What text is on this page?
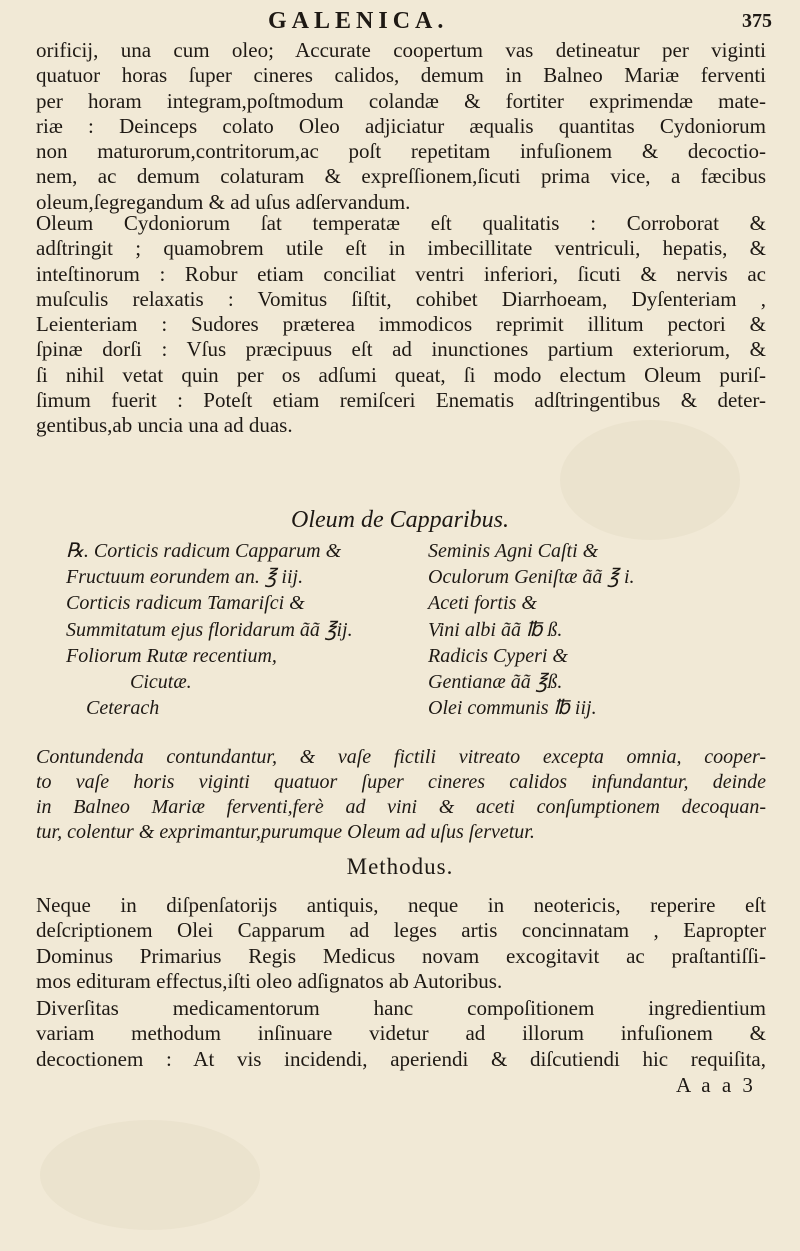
GALENICA.	375
orificij, una cum oleo; Accurate coopertum vas detineatur per viginti
quatuor horas ſuper cineres calidos, demum in Balneo Mariæ ferventi
per horam integram,poſtmodum colandæ & fortiter exprimendæ mate-
riæ : Deinceps colato Oleo adjiciatur æqualis quantitas Cydoniorum
non maturorum,contritorum,ac poſt repetitam infuſionem & decoctio-
nem, ac demum colaturam & expreſſionem,ſicuti prima vice, a fæcibus
oleum,ſegregandum & ad uſus adſervandum.
Oleum Cydoniorum ſat temperatæ eſt qualitatis : Corroborat &
adſtringit ; quamobrem utile eſt in imbecillitate ventriculi, hepatis, &
inteſtinorum : Robur etiam conciliat ventri inferiori, ſicuti & nervis ac
muſculis relaxatis : Vomitus ſiſtit, cohibet Diarrhoeam, Dyſenteriam ,
Leienteriam : Sudores præterea immodicos reprimit illitum pectori &
ſpinæ dorſi : Vſus præcipuus eſt ad inunctiones partium exteriorum, &
ſi nihil vetat quin per os adſumi queat, ſi modo electum Oleum puriſ-
ſimum fuerit : Poteſt etiam remiſceri Enematis adſtringentibus & deter-
gentibus,ab uncia una ad duas.
Oleum de Capparibus.
℞. Corticis radicum Capparum &
Fructuum eorundem an. ℥ iij.
Corticis radicum Tamariſci &
Summitatum ejus floridarum ãã ℥ij.
Foliorum Rutæ recentium,
Cicutæ.
Ceterach
Seminis Agni Caſti &
Oculorum Geniſtæ ãã ℥ i.
Aceti fortis &
Vini albi ãã ℔ ß.
Radicis Cyperi &
Gentianæ ãã ℥ß.
Olei communis ℔ iij.
Contundenda contundantur, & vaſe fictili vitreato excepta omnia, cooper-
to vaſe horis viginti quatuor ſuper cineres calidos infundantur, deinde
in Balneo Mariæ ferventi,ferè ad vini & aceti conſumptionem decoquan-
tur, colentur & exprimantur,purumque Oleum ad uſus ſervetur.
Methodus.
Neque in diſpenſatorijs antiquis, neque in neotericis, reperire eſt
deſcriptionem Olei Capparum ad leges artis concinnatam , Eapropter
Dominus Primarius Regis Medicus novam excogitavit ac praſtantiſſi-
mos edituram effectus,iſti oleo adſignatos ab Autoribus.
Diverſitas medicamentorum hanc compoſitionem ingredientium
variam methodum inſinuare videtur ad illorum infuſionem &
decoctionem : At vis incidendi, aperiendi & diſcutiendi hic requiſita,
A a a 3
